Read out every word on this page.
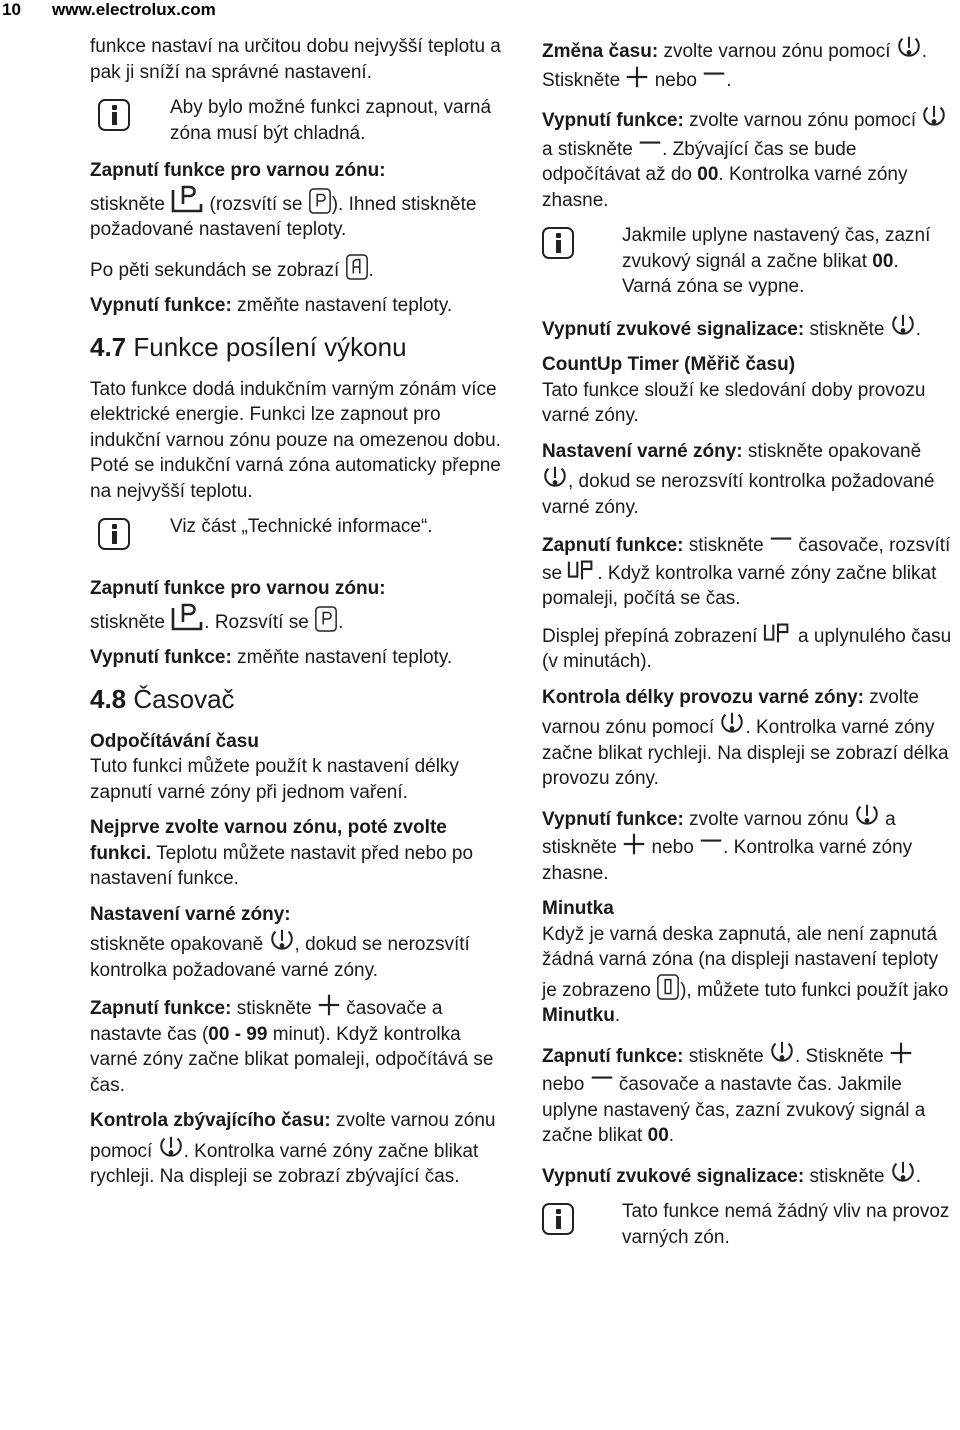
10 www.electrolux.com

funkce nastaví na určitou dobu nejvyšší teplotu a pak ji sníží na správné nastavení.

Aby bylo možné funkci zapnout, varná zóna musí být chladná.

Zapnutí funkce pro varnou zónu:
stiskněte (rozsvítí se ). Ihned stiskněte požadované nastavení teploty.

Po pěti sekundách se zobrazí .

Vypnutí funkce: změňte nastavení teploty.

4.7 Funkce posílení výkonu

Tato funkce dodá indukčním varným zónám více elektrické energie. Funkci lze zapnout pro indukční varnou zónu pouze na omezenou dobu. Poté se indukční varná zóna automaticky přepne na nejvyšší teplotu.

Viz část „Technické informace“.

Zapnutí funkce pro varnou zónu:
stiskněte . Rozsvítí se .

Vypnutí funkce: změňte nastavení teploty.

4.8 Časovač

Odpočítávání času
Tuto funkci můžete použít k nastavení délky zapnutí varné zóny při jednom vaření.

Nejprve zvolte varnou zónu, poté zvolte funkci. Teplotu můžete nastavit před nebo po nastavení funkce.

Nastavení varné zóny:
stiskněte opakovaně , dokud se nerozsvítí kontrolka požadované varné zóny.

Zapnutí funkce: stiskněte časovače a nastavte čas (00 - 99 minut). Když kontrolka varné zóny začne blikat pomaleji, odpočítává se čas.

Kontrola zbývajícího času: zvolte varnou zónu pomocí . Kontrolka varné zóny začne blikat rychleji. Na displeji se zobrazí zbývající čas.

Změna času: zvolte varnou zónu pomocí . Stiskněte nebo .

Vypnutí funkce: zvolte varnou zónu pomocí  a stiskněte . Zbývající čas se bude odpočítávat až do 00. Kontrolka varné zóny zhasne.

Jakmile uplyne nastavený čas, zazní zvukový signál a začne blikat 00. Varná zóna se vypne.

Vypnutí zvukové signalizace: stiskněte .

CountUp Timer (Měřič času)
Tato funkce slouží ke sledování doby provozu varné zóny.

Nastavení varné zóny: stiskněte opakovaně , dokud se nerozsvítí kontrolka požadované varné zóny.

Zapnutí funkce: stiskněte časovače, rozsvítí se . Když kontrolka varné zóny začne blikat pomaleji, počítá se čas.

Displej přepíná zobrazení a uplynulého času (v minutách).

Kontrola délky provozu varné zóny: zvolte varnou zónu pomocí . Kontrolka varné zóny začne blikat rychleji. Na displeji se zobrazí délka provozu zóny.

Vypnutí funkce: zvolte varnou zónu a stiskněte nebo . Kontrolka varné zóny zhasne.

Minutka
Když je varná deska zapnutá, ale není zapnutá žádná varná zóna (na displeji nastavení teploty je zobrazeno ), můžete tuto funkci použít jako Minutku.

Zapnutí funkce: stiskněte . Stiskněte  nebo časovače a nastavte čas. Jakmile uplyne nastavený čas, zazní zvukový signál a začne blikat 00.

Vypnutí zvukové signalizace: stiskněte .

Tato funkce nemá žádný vliv na provoz varných zón.
